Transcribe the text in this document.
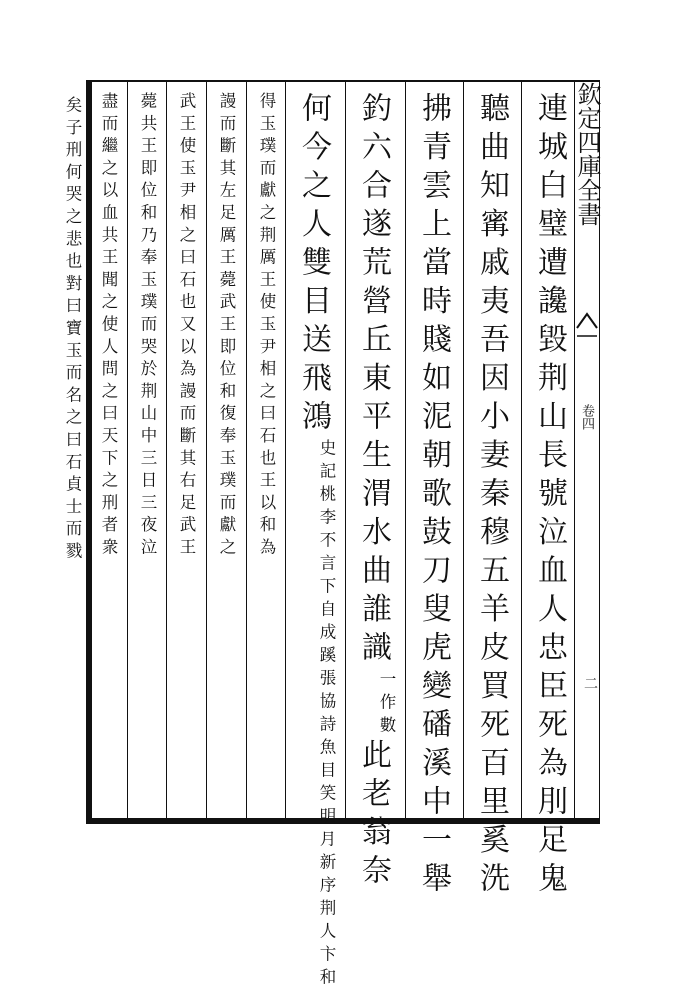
欽定四庫全書
卷四
二
連城白璧遭讒毀荆山長號泣血人忠臣死為刖足鬼
聽曲知寗戚夷吾因小妻秦穆五羊皮買死百里奚洗
拂青雲上當時賤如泥朝歌鼓刀叟虎變磻溪中一舉
釣六合遂荒營丘東平生渭水曲誰識一作數此老翁奈
何今之人雙目送飛鴻史記桃李不言下自成蹊張協詩魚目笑明月新序荆人卞和
得玉璞而獻之荆厲王使玉尹相之曰石也王以和為
謾而斷其左足厲王薨武王即位和復奉玉璞而獻之
武王使玉尹相之曰石也又以為謾而斷其右足武王
薨共王即位和乃奉玉璞而哭於荆山中三日三夜泣
盡而繼之以血共王聞之使人問之曰天下之刑者衆
矣子刑何哭之悲也對曰寶玉而名之曰石貞士而戮
